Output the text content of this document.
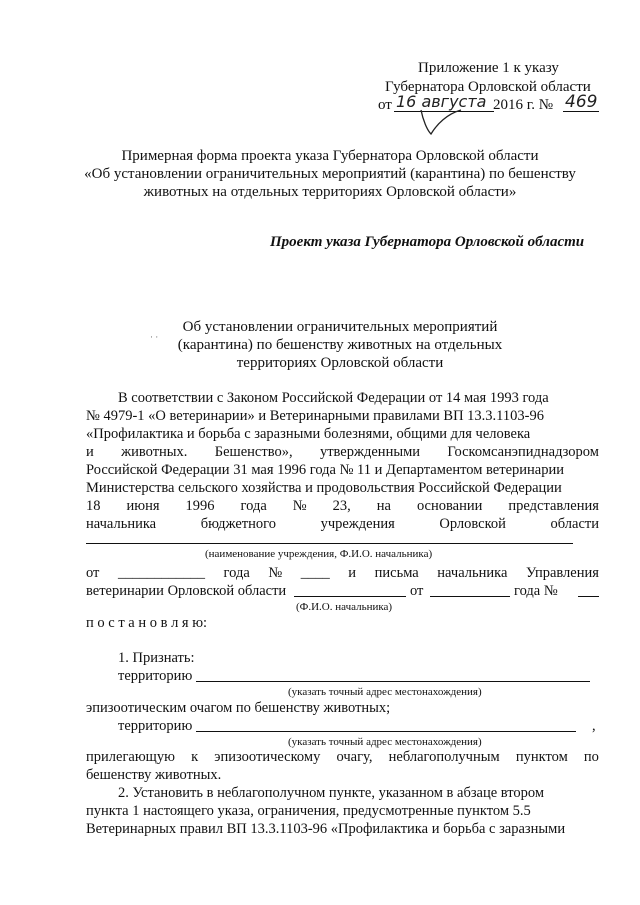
Приложение 1 к указу
Губернатора Орловской области
от 16 августа 2016 г. № 469
Примерная форма проекта указа Губернатора Орловской области
«Об установлении ограничительных мероприятий (карантина) по бешенству
животных на отдельных территориях Орловской области»
Проект указа Губернатора Орловской области
· ·
Об установлении ограничительных мероприятий
(карантина) по бешенству животных на отдельных
территориях Орловской области
В соответствии с Законом Российской Федерации от 14 мая 1993 года
№ 4979-1 «О ветеринарии» и Ветеринарными правилами ВП 13.3.1103-96
«Профилактика и борьба с заразными болезнями, общими для человека
и животных. Бешенство», утвержденными Госкомсанэпиднадзором
Российской Федерации 31 мая 1996 года № 11 и Департаментом ветеринарии
Министерства сельского хозяйства и продовольствия Российской Федерации
18 июня 1996 года № 23, на основании представления
начальника	бюджетного	учреждения	Орловской	области
(наименование учреждения, Ф.И.О. начальника)
от ____________ года № ____ и письма начальника Управления
ветеринарии Орловской области	от	года №
(Ф.И.О. начальника)
п о с т а н о в л я ю:
1. Признать:
территорию
(указать точный адрес местонахождения)
эпизоотическим очагом по бешенству животных;
территорию	,
(указать точный адрес местонахождения)
прилегающую к эпизоотическому очагу, неблагополучным пунктом по
бешенству животных.
2. Установить в неблагополучном пункте, указанном в абзаце втором
пункта 1 настоящего указа, ограничения, предусмотренные пунктом 5.5
Ветеринарных правил ВП 13.3.1103-96 «Профилактика и борьба с заразными
